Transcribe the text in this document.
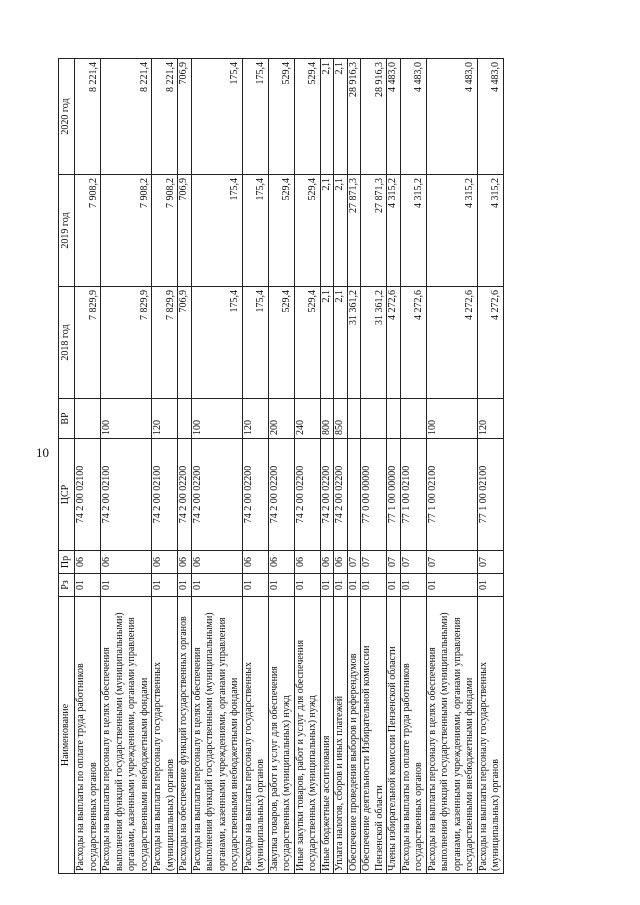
10
Наименование	Рз	Пр	ЦСР	ВР	2018 год	2019 год	2020 год
Расходы на выплаты по оплате труда работников государственных органов	01	06	74 2 00 02100		7 829,9	7 908,2	8 221,4
Расходы на выплаты персоналу в целях обеспечения выполнения функций государственными (муниципальными) органами, казенными учреждениями, органами управления государственными внебюджетными фондами	01	06	74 2 00 02100	100	7 829,9	7 908,2	8 221,4
Расходы на выплаты персоналу государственных (муниципальных) органов	01	06	74 2 00 02100	120	7 829,9	7 908,2	8 221,4
Расходы на обеспечение функций государственных органов	01	06	74 2 00 02200		706,9	706,9	706,9
Расходы на выплаты персоналу в целях обеспечения выполнения функций государственными (муниципальными) органами, казенными учреждениями, органами управления государственными внебюджетными фондами	01	06	74 2 00 02200	100	175,4	175,4	175,4
Расходы на выплаты персоналу государственных (муниципальных) органов	01	06	74 2 00 02200	120	175,4	175,4	175,4
Закупка товаров, работ и услуг для обеспечения государственных (муниципальных) нужд	01	06	74 2 00 02200	200	529,4	529,4	529,4
Иные закупки товаров, работ и услуг для обеспечения государственных (муниципальных) нужд	01	06	74 2 00 02200	240	529,4	529,4	529,4
Иные бюджетные ассигнования	01	06	74 2 00 02200	800	2,1	2,1	2,1
Уплата налогов, сборов и иных платежей	01	06	74 2 00 02200	850	2,1	2,1	2,1
Обеспечение проведения выборов и референдумов	01	07			31 361,2	27 871,3	28 916,3
Обеспечение деятельности Избирательной комиссии Пензенской области	01	07	77 0 00 00000		31 361,2	27 871,3	28 916,3
Члены избирательной комиссии Пензенской области	01	07	77 1 00 00000		4 272,6	4 315,2	4 483,0
Расходы на выплаты по оплате труда работников государственных органов	01	07	77 1 00 02100		4 272,6	4 315,2	4 483,0
Расходы на выплаты персоналу в целях обеспечения выполнения функций государственными (муниципальными) органами, казенными учреждениями, органами управления государственными внебюджетными фондами	01	07	77 1 00 02100	100	4 272,6	4 315,2	4 483,0
Расходы на выплаты персоналу государственных (муниципальных) органов	01	07	77 1 00 02100	120	4 272,6	4 315,2	4 483,0
